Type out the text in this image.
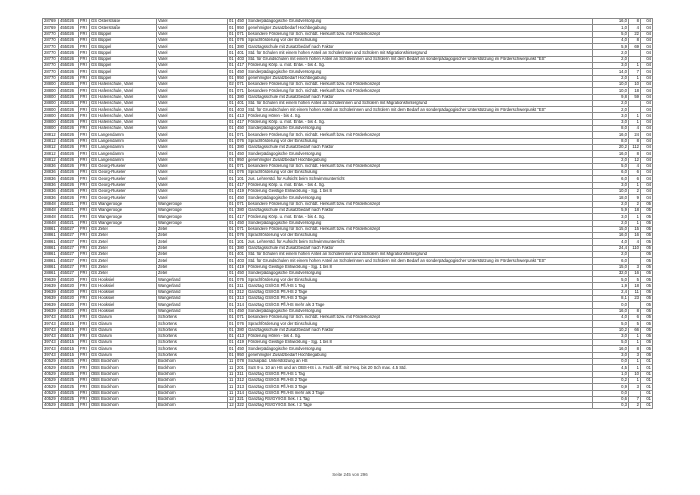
28769	455026	FRI	GS Osterstraße	Varel	01	450	Sonderpädagogische Grundversorgung	16,0	8	04
28769	455026	FRI	GS Osterstraße	Varel	01	950	genehmigter Zusatzbedarf Hochbegabung	1,0	4	04
28770	455026	FRI	GS Büppel	Varel	01	071	besondere Förderung für Sch. nichtdt. Herkunft bzw. mit Förderkonzept	5,0	22	04
28770	455026	FRI	GS Büppel	Varel	01	076	Sprachförderung vor der Einschulung	4,0	8	04
28770	455026	FRI	GS Büppel	Varel	01	380	Ganztagsschule mit Zusatzbedarf nach Faktor	5,9	69	04
28770	455026	FRI	GS Büppel	Varel	01	401	Std. für Schulen mit einem hohen Anteil an Schülerinnen und Schülern mit Migrationshintergrund	2,0		04
28770	455026	FRI	GS Büppel	Varel	01	403	Std. für Grundschulen mit einem hohen Anteil an Schülerinnen und Schülern mit dem Bedarf an sonderpädagogischer Unterstützung im Förderschwerpunkt "ES"	2,0		04
28770	455026	FRI	GS Büppel	Varel	01	417	Förderung Körp. u. mot. Entw. - bis 4. Sg.	3,0	1	04
28770	455026	FRI	GS Büppel	Varel	01	450	Sonderpädagogische Grundversorgung	14,0	7	04
28770	455026	FRI	GS Büppel	Varel	01	950	genehmigter Zusatzbedarf Hochbegabung	2,0	1	04
28800	455026	FRI	GS Hafenschule, Varel	Varel	02	071	besondere Förderung für Sch. nichtdt. Herkunft bzw. mit Förderkonzept	10,0	10	04
28800	455026	FRI	GS Hafenschule, Varel	Varel	01	071	besondere Förderung für Sch. nichtdt. Herkunft bzw. mit Förderkonzept	10,0	18	04
28800	455026	FRI	GS Hafenschule, Varel	Varel	01	380	Ganztagsschule mit Zusatzbedarf nach Faktor	9,8	59	04
28800	455026	FRI	GS Hafenschule, Varel	Varel	01	401	Std. für Schulen mit einem hohen Anteil an Schülerinnen und Schülern mit Migrationshintergrund	2,0		04
28800	455026	FRI	GS Hafenschule, Varel	Varel	01	403	Std. für Grundschulen mit einem hohen Anteil an Schülerinnen und Schülern mit dem Bedarf an sonderpädagogischer Unterstützung im Förderschwerpunkt "ES"	2,0		04
28800	455026	FRI	GS Hafenschule, Varel	Varel	01	413	Förderung Hören - bis 4. Sg.	3,0	1	04
28800	455026	FRI	GS Hafenschule, Varel	Varel	01	417	Förderung Körp. u. mot. Entw. - bis 4. Sg.	3,0	1	04
28800	455026	FRI	GS Hafenschule, Varel	Varel	01	450	Sonderpädagogische Grundversorgung	8,0	4	04
28812	455026	FRI	GS Langendamm	Varel	01	071	besondere Förderung für Sch. nichtdt. Herkunft bzw. mit Förderkonzept	16,0	24	04
28812	455026	FRI	GS Langendamm	Varel	01	076	Sprachförderung vor der Einschulung	8,0	8	04
28812	455026	FRI	GS Langendamm	Varel	01	380	Ganztagsschule mit Zusatzbedarf nach Faktor	20,2	112	04
28812	455026	FRI	GS Langendamm	Varel	01	450	Sonderpädagogische Grundversorgung	16,0	8	04
28812	455026	FRI	GS Langendamm	Varel	01	950	genehmigter Zusatzbedarf Hochbegabung	2,0	12	04
28836	455026	FRI	GS Georg-Ruseler	Varel	01	071	besondere Förderung für Sch. nichtdt. Herkunft bzw. mit Förderkonzept	5,0	4	04
28836	455026	FRI	GS Georg-Ruseler	Varel	01	076	Sprachförderung vor der Einschulung	6,0	6	04
28836	455026	FRI	GS Georg-Ruseler	Varel	01	101	zus. Lehrerstd. für Aufsicht beim Schwimmunterricht	6,0	6	04
28836	455026	FRI	GS Georg-Ruseler	Varel	01	417	Förderung Körp. u. mot. Entw. - bis 4. Sg.	3,0	1	04
28836	455026	FRI	GS Georg-Ruseler	Varel	01	419	Förderung Geistige Entwicklung - Sjg. 1 bis 8	10,0	2	04
28836	455026	FRI	GS Georg-Ruseler	Varel	01	450	Sonderpädagogische Grundversorgung	18,0	9	04
28848	455021	FRI	GS Wangerooge	Wangerooge	01	071	besondere Förderung für Sch. nichtdt. Herkunft bzw. mit Förderkonzept	2,0	2	05
28848	455021	FRI	GS Wangerooge	Wangerooge	01	380	Ganztagsschule mit Zusatzbedarf nach Faktor	5,9	18	05
28848	455021	FRI	GS Wangerooge	Wangerooge	01	417	Förderung Körp. u. mot. Entw. - bis 4. Sg.	3,0	1	05
28848	455021	FRI	GS Wangerooge	Wangerooge	01	450	Sonderpädagogische Grundversorgung	2,0	1	05
28861	455027	FRI	GS Zetel	Zetel	01	071	besondere Förderung für Sch. nichtdt. Herkunft bzw. mit Förderkonzept	15,0	15	05
28861	455027	FRI	GS Zetel	Zetel	01	076	Sprachförderung vor der Einschulung	16,0	16	05
28861	455027	FRI	GS Zetel	Zetel	01	101	zus. Lehrerstd. für Aufsicht beim Schwimmunterricht	4,0	4	05
28861	455027	FRI	GS Zetel	Zetel	01	380	Ganztagsschule mit Zusatzbedarf nach Faktor	24,4	110	05
28861	455027	FRI	GS Zetel	Zetel	01	401	Std. für Schulen mit einem hohen Anteil an Schülerinnen und Schülern mit Migrationshintergrund	2,0		05
28861	455027	FRI	GS Zetel	Zetel	01	403	Std. für Grundschulen mit einem hohen Anteil an Schülerinnen und Schülern mit dem Bedarf an sonderpädagogischer Unterstützung im Förderschwerpunkt "ES"	6,0		05
28861	455027	FRI	GS Zetel	Zetel	01	419	Förderung Geistige Entwicklung - Sjg. 1 bis 8	15,0	3	05
28861	455027	FRI	GS Zetel	Zetel	01	450	Sonderpädagogische Grundversorgung	32,0	16	05
39639	455020	FRI	GS Hooksiel	Wangerland	01	076	Sprachförderung vor der Einschulung	5,0	5	05
39639	455020	FRI	GS Hooksiel	Wangerland	01	311	Ganztag GS/IGS Pfl./HS 1 Tag	1,9	18	05
39639	455020	FRI	GS Hooksiel	Wangerland	01	312	Ganztag GS/IGS Pfl./HS 2 Tage	2,4	11	05
39639	455020	FRI	GS Hooksiel	Wangerland	01	313	Ganztag GS/IGS Pfl./HS 3 Tage	8,1	23	05
39639	455020	FRI	GS Hooksiel	Wangerland	01	314	Ganztag GS/IGS Pfl./HS mehr als 3 Tage	0,0		05
39639	455020	FRI	GS Hooksiel	Wangerland	01	450	Sonderpädagogische Grundversorgung	16,0	8	05
39743	455015	FRI	GS Glarum	Schortens	01	071	besondere Förderung für Sch. nichtdt. Herkunft bzw. mit Förderkonzept	4,0	6	05
39743	455015	FRI	GS Glarum	Schortens	01	076	Sprachförderung vor der Einschulung	5,0	5	05
39743	455015	FRI	GS Glarum	Schortens	01	380	Ganztagsschule mit Zusatzbedarf nach Faktor	10,2	66	05
39743	455015	FRI	GS Glarum	Schortens	01	413	Förderung Hören - bis 4. Sg.	3,0	1	05
39743	455015	FRI	GS Glarum	Schortens	01	419	Förderung Geistige Entwicklung - Sjg. 1 bis 8	5,0	1	05
39743	455015	FRI	GS Glarum	Schortens	01	450	Sonderpädagogische Grundversorgung	16,0	8	05
39743	455015	FRI	GS Glarum	Schortens	01	950	genehmigter Zusatzbedarf Hochbegabung	3,0	3	05
40529	455025	FRI	OBS Bockhorn	Bockhorn	11	078	Sozialpäd. Unterstützung an HS	0,0	1	01
40529	455025	FRI	OBS Bockhorn	Bockhorn	11	201	SuS 9 u. 10 an HS und an OBS-HS i. a. Fachl.-diff. mit Freq. bis 20 Sch max. 4.5 Std.	4,5	1	01
40529	455025	FRI	OBS Bockhorn	Bockhorn	11	311	Ganztag GS/IGS Pfl./HS 1 Tag	1,0	10	01
40529	455025	FRI	OBS Bockhorn	Bockhorn	11	312	Ganztag GS/IGS Pfl./HS 2 Tage	0,2	1	01
40529	455025	FRI	OBS Bockhorn	Bockhorn	11	313	Ganztag GS/IGS Pfl./HS 3 Tage	0,9	3	01
40529	455025	FRI	OBS Bockhorn	Bockhorn	11	314	Ganztag GS/IGS Pfl./HS mehr als 3 Tage	0,0		01
40529	455025	FRI	OBS Bockhorn	Bockhorn	12	321	Ganztag RS/GY/IGS Sek. I 1 Tag	0,6	7	01
40529	455025	FRI	OBS Bockhorn	Bockhorn	12	322	Ganztag RS/GY/IGS Sek. I 2 Tage	0,3	2	01
Seite 245 von 296
